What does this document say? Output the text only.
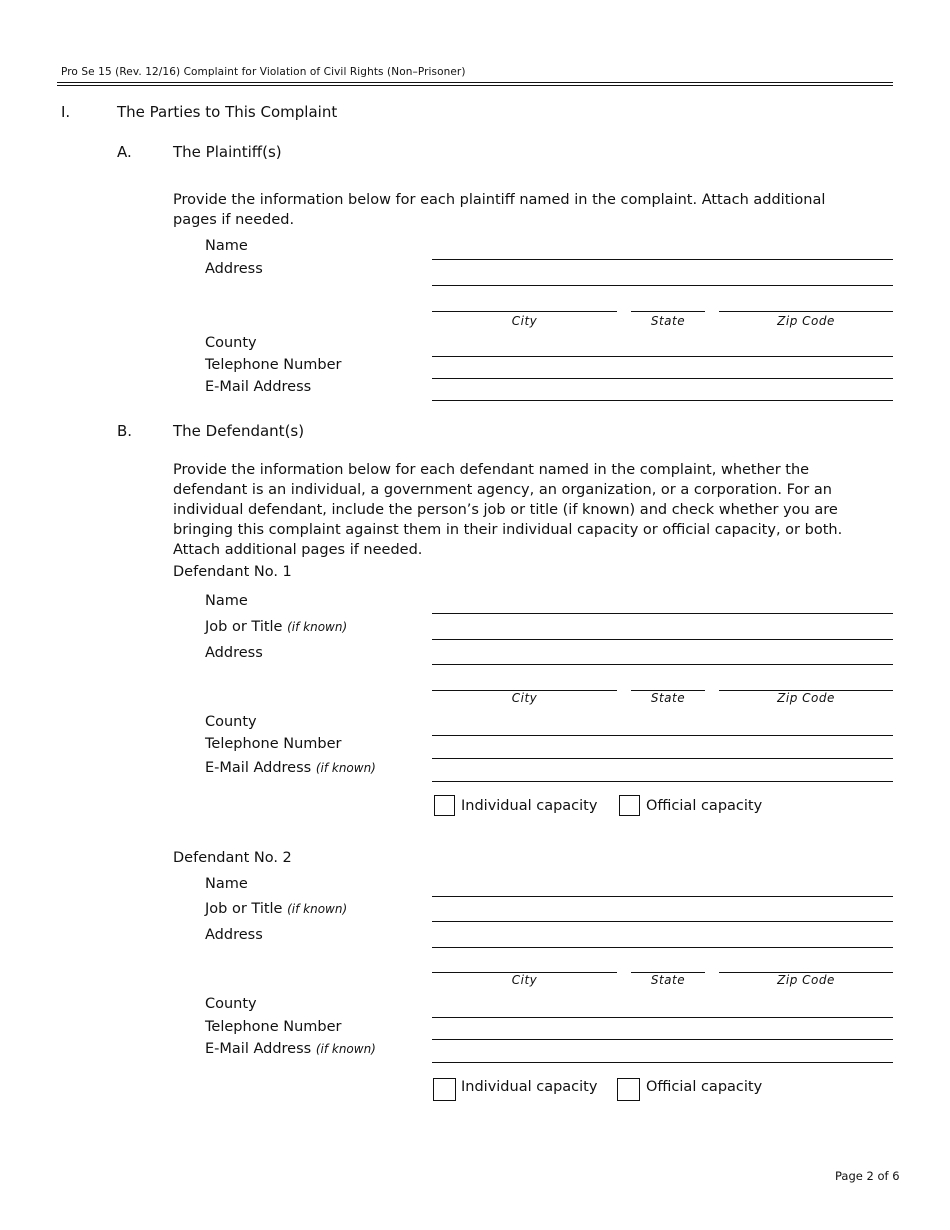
Pro Se 15 (Rev. 12/16) Complaint for Violation of Civil Rights (Non–Prisoner)
I.	The Parties to This Complaint
A.	The Plaintiff(s)
Provide the information below for each plaintiff named in the complaint. Attach additional pages if needed.
Name
Address
City	State	Zip Code
County
Telephone Number
E-Mail Address
B.	The Defendant(s)
Provide the information below for each defendant named in the complaint, whether the defendant is an individual, a government agency, an organization, or a corporation. For an individual defendant, include the person’s job or title (if known) and check whether you are bringing this complaint against them in their individual capacity or official capacity, or both. Attach additional pages if needed.
Defendant No. 1
Name
Job or Title (if known)
Address
City	State	Zip Code
County
Telephone Number
E-Mail Address (if known)
Individual capacity	Official capacity
Defendant No. 2
Name
Job or Title (if known)
Address
City	State	Zip Code
County
Telephone Number
E-Mail Address (if known)
Individual capacity	Official capacity
Page 2 of 6
